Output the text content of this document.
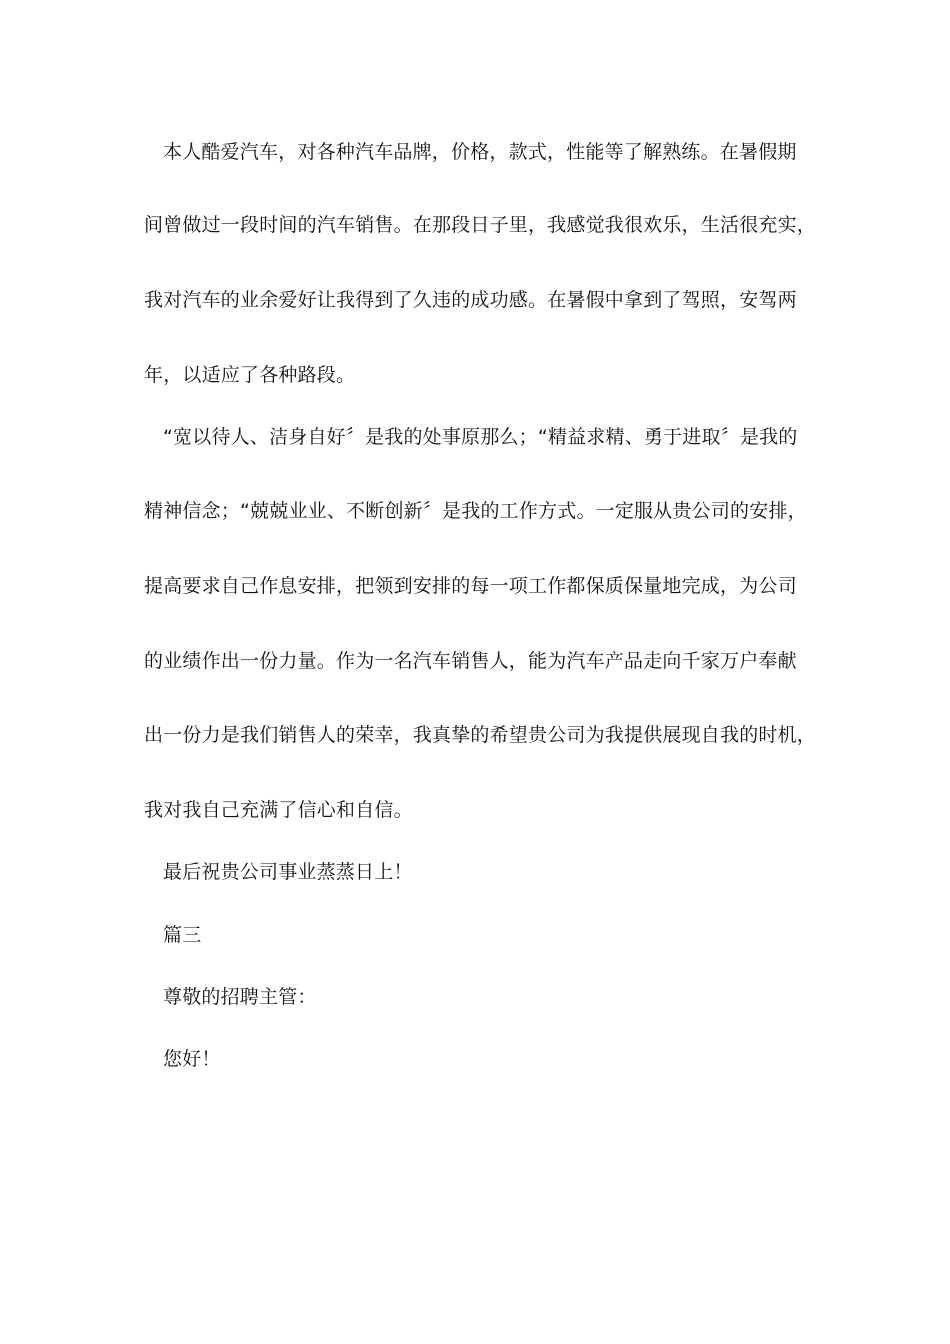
本人酷爱汽车，对各种汽车品牌，价格，款式，性能等了解熟练。在暑假期
间曾做过一段时间的汽车销售。在那段日子里，我感觉我很欢乐，生活很充实，
我对汽车的业余爱好让我得到了久违的成功感。在暑假中拿到了驾照，安驾两
年，以适应了各种路段。
“宽以待人、洁身自好〞是我的处事原那么；“精益求精、勇于进取〞是我的
精神信念；“兢兢业业、不断创新〞是我的工作方式。一定服从贵公司的安排，
提高要求自己作息安排，把领到安排的每一项工作都保质保量地完成，为公司
的业绩作出一份力量。作为一名汽车销售人，能为汽车产品走向千家万户奉献
出一份力是我们销售人的荣幸，我真挚的希望贵公司为我提供展现自我的时机，
我对我自己充满了信心和自信。
最后祝贵公司事业蒸蒸日上！
篇三
尊敬的招聘主管：
您好！
